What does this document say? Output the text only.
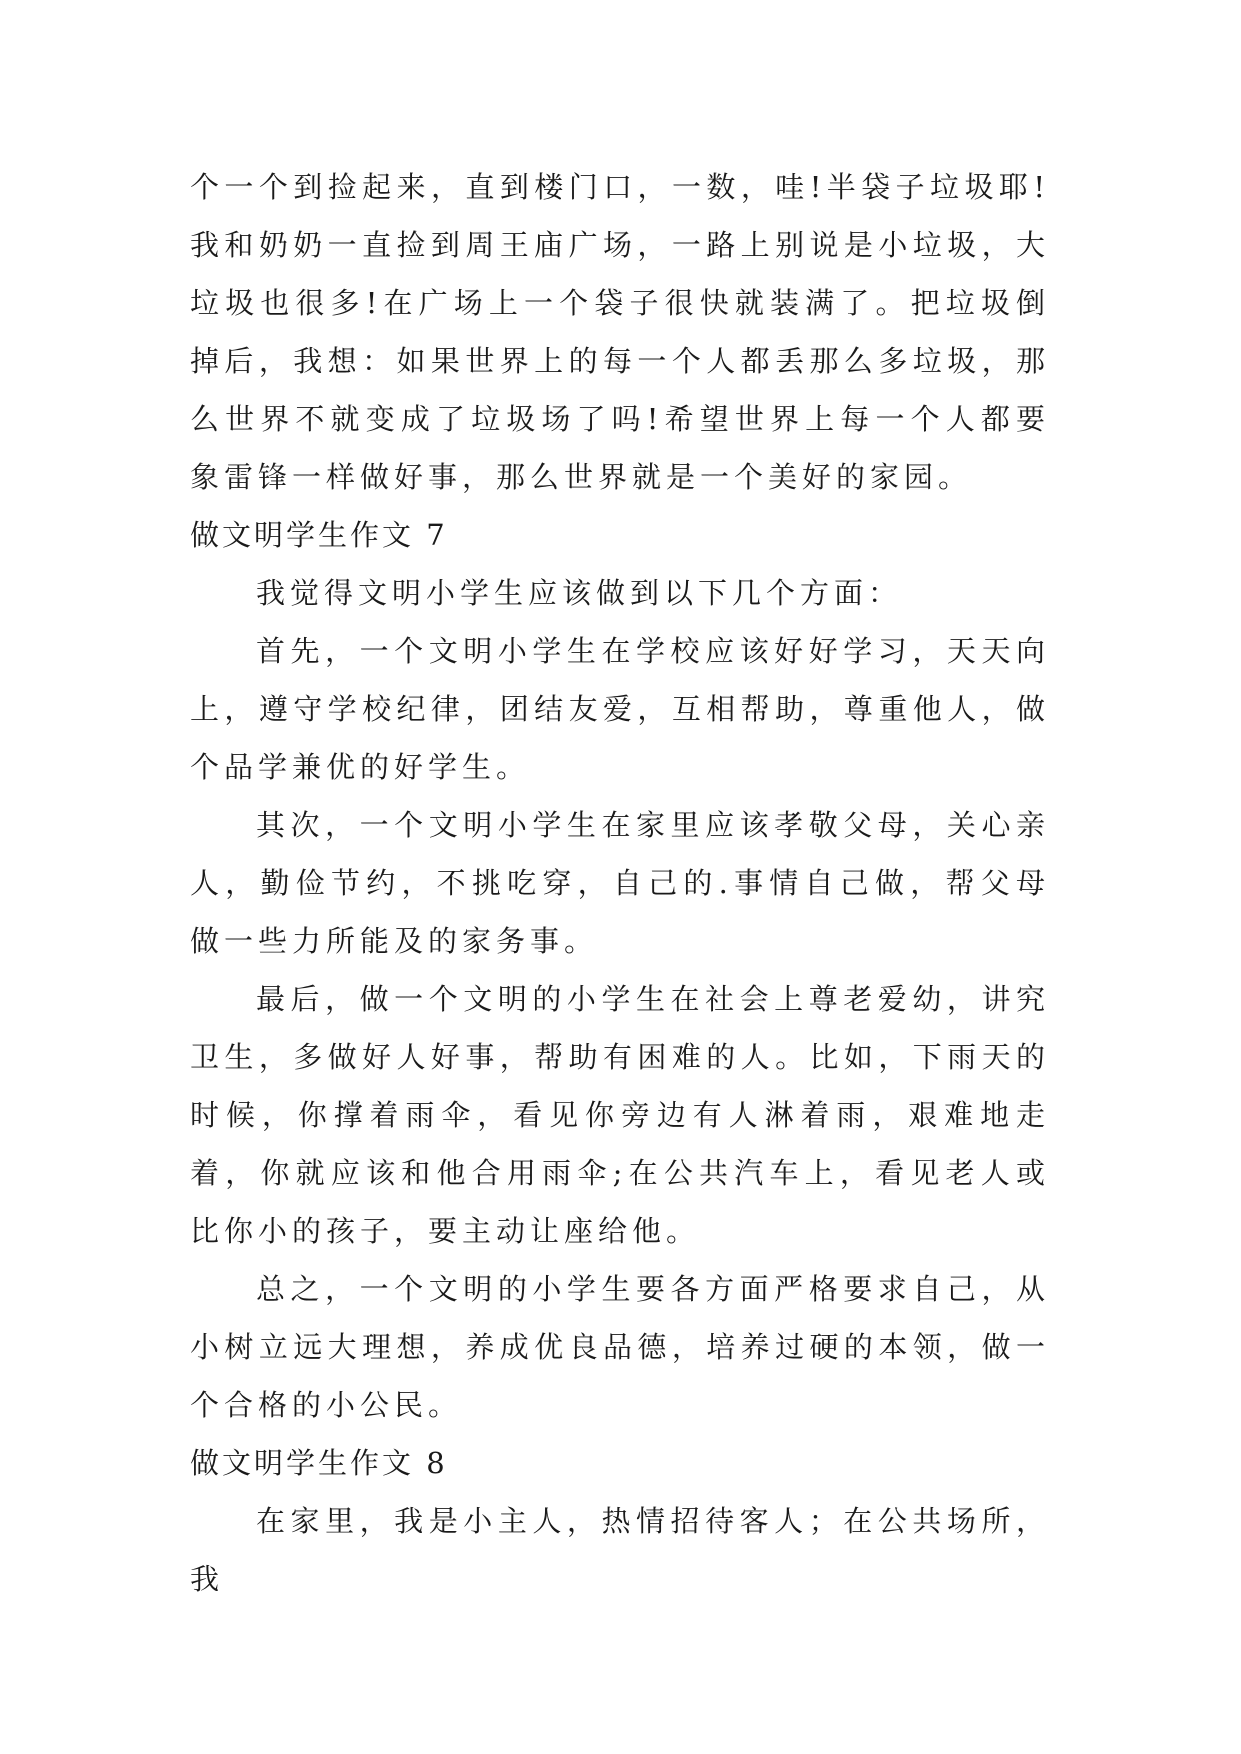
个一个到捡起来，直到楼门口，一数，哇!半袋子垃圾耶!我和奶奶一直捡到周王庙广场，一路上别说是小垃圾，大垃圾也很多!在广场上一个袋子很快就装满了。把垃圾倒掉后，我想：如果世界上的每一个人都丢那么多垃圾，那么世界不就变成了垃圾场了吗!希望世界上每一个人都要象雷锋一样做好事，那么世界就是一个美好的家园。

做文明学生作文 7

我觉得文明小学生应该做到以下几个方面：

首先，一个文明小学生在学校应该好好学习，天天向上，遵守学校纪律，团结友爱，互相帮助，尊重他人，做个品学兼优的好学生。

其次，一个文明小学生在家里应该孝敬父母，关心亲人，勤俭节约，不挑吃穿，自己的.事情自己做，帮父母做一些力所能及的家务事。

最后，做一个文明的小学生在社会上尊老爱幼，讲究卫生，多做好人好事，帮助有困难的人。比如，下雨天的时候，你撑着雨伞，看见你旁边有人淋着雨，艰难地走着，你就应该和他合用雨伞;在公共汽车上，看见老人或比你小的孩子，要主动让座给他。

总之，一个文明的小学生要各方面严格要求自己，从小树立远大理想，养成优良品德，培养过硬的本领，做一个合格的小公民。

做文明学生作文 8

在家里，我是小主人，热情招待客人；在公共场所，我
